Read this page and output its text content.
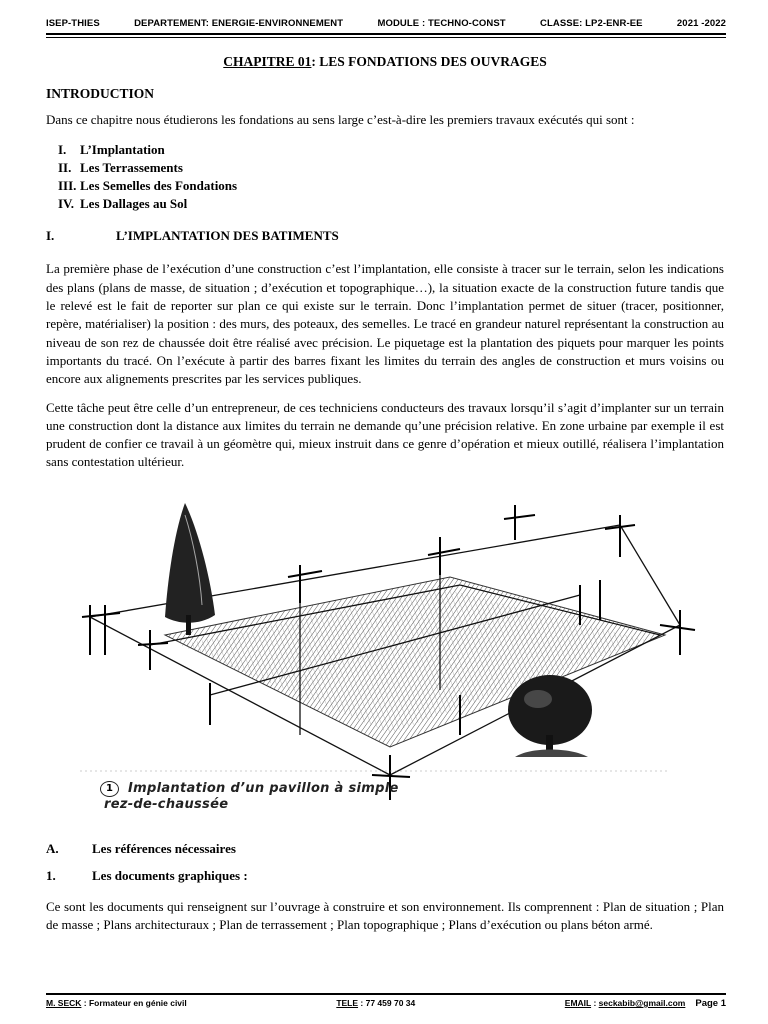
ISEP-THIES	DEPARTEMENT: ENERGIE-ENVIRONNEMENT	MODULE : TECHNO-CONST	CLASSE: LP2-ENR-EE	2021 -2022
CHAPITRE 01: LES FONDATIONS DES OUVRAGES
INTRODUCTION

Dans ce chapitre nous étudierons les fondations au sens large c’est-à-dire les premiers travaux exécutés qui sont :

I.	L’Implantation
II. Les Terrassements
III. Les Semelles des Fondations
IV. Les Dallages au Sol
I.	L’IMPLANTATION DES BATIMENTS

La première phase de l’exécution d’une construction c’est l’implantation, elle consiste à tracer sur le terrain, selon les indications des plans (plans de masse, de situation ; d’exécution et topographique…), la situation exacte de la construction future tandis que le relevé est le fait de reporter sur plan ce qui existe sur le terrain. Donc l’implantation permet de situer (tracer, positionner, repère, matérialiser) la position : des murs, des poteaux, des semelles. Le tracé en grandeur naturel représentant la construction au niveau de son rez de chaussée doit être réalisé avec précision. Le piquetage est la plantation des piquets pour marquer les points importants du tracé. On l’exécute à partir des barres fixant les limites du terrain des angles de construction et murs voisins ou encore aux alignements prescrites par les services publiques.

Cette tâche peut être celle d’un entrepreneur, de ces techniciens conducteurs des travaux lorsqu’il s’agit d’implanter sur un terrain une construction dont la distance aux limites du terrain ne demande qu’une précision relative. En zone urbaine par exemple il est prudent de confier ce travail à un géomètre qui, mieux instruit dans ce genre d’opération et mieux outillé, réalisera l’implantation sans contestation ultérieur.

1	Implantation d’un pavillon à simple
rez-de-chaussée
A.	Les références nécessaires
1.	Les documents graphiques :

Ce sont les documents qui renseignent sur l’ouvrage à construire et son environnement. Ils comprennent : Plan de situation ; Plan de masse ; Plans architecturaux ; Plan de terrassement ; Plan topographique ; Plans d’exécution ou plans béton armé.

M. SECK : Formateur en génie civil	TELE : 77 459 70 34	EMAIL : seckabib@gmail.com Page 1
